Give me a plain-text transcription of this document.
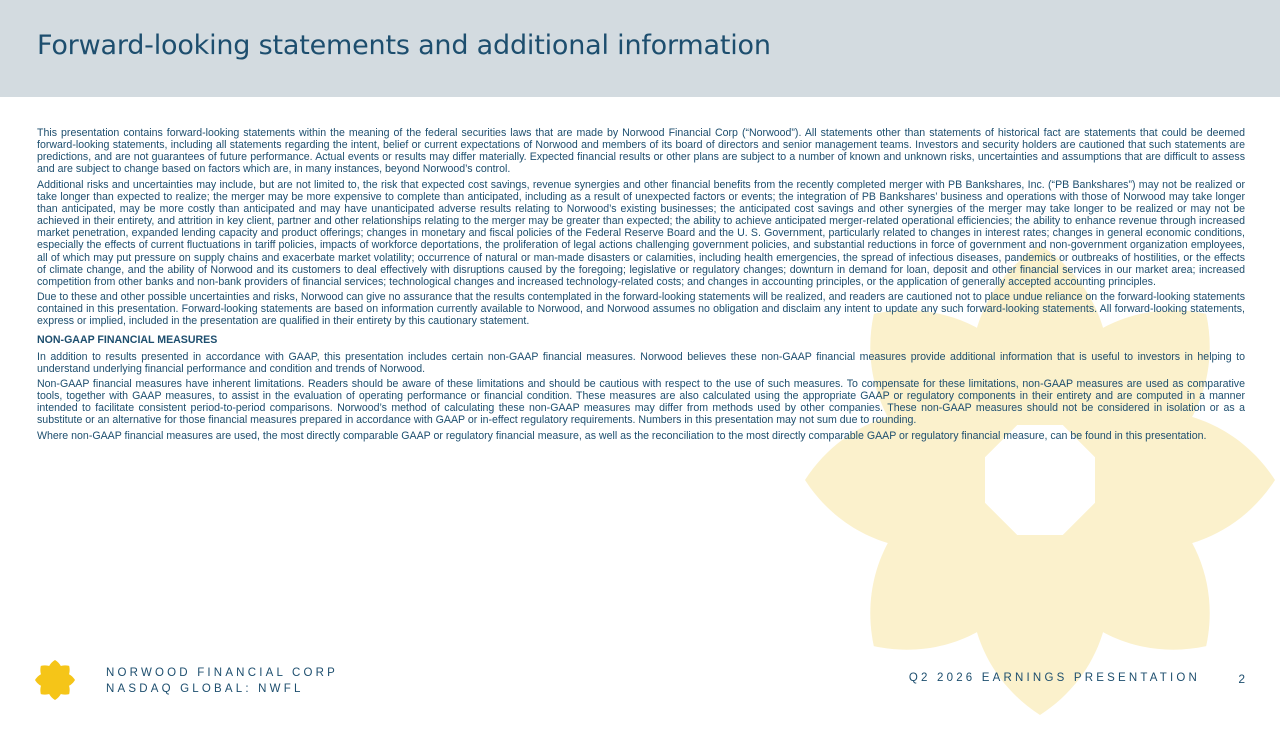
Forward-looking statements and additional information

This presentation contains forward-looking statements within the meaning of the federal securities laws that are made by Norwood Financial Corp (“Norwood”). All statements other than statements of historical fact are statements that could be deemed forward-looking statements, including all statements regarding the intent, belief or current expectations of Norwood and members of its board of directors and senior management teams. Investors and security holders are cautioned that such statements are predictions, and are not guarantees of future performance. Actual events or results may differ materially. Expected financial results or other plans are subject to a number of known and unknown risks, uncertainties and assumptions that are difficult to assess and are subject to change based on factors which are, in many instances, beyond Norwood’s control.

Additional risks and uncertainties may include, but are not limited to, the risk that expected cost savings, revenue synergies and other financial benefits from the recently completed merger with PB Bankshares, Inc. (“PB Bankshares”) may not be realized or take longer than expected to realize; the merger may be more expensive to complete than anticipated, including as a result of unexpected factors or events; the integration of PB Bankshares’ business and operations with those of Norwood may take longer than anticipated, may be more costly than anticipated and may have unanticipated adverse results relating to Norwood’s existing businesses; the anticipated cost savings and other synergies of the merger may take longer to be realized or may not be achieved in their entirety, and attrition in key client, partner and other relationships relating to the merger may be greater than expected; the ability to achieve anticipated merger-related operational efficiencies; the ability to enhance revenue through increased market penetration, expanded lending capacity and product offerings; changes in monetary and fiscal policies of the Federal Reserve Board and the U. S. Government, particularly related to changes in interest rates; changes in general economic conditions, especially the effects of current fluctuations in tariff policies, impacts of workforce deportations, the proliferation of legal actions challenging government policies, and substantial reductions in force of government and non-government organization employees, all of which may put pressure on supply chains and exacerbate market volatility; occurrence of natural or man-made disasters or calamities, including health emergencies, the spread of infectious diseases, pandemics or outbreaks of hostilities, or the effects of climate change, and the ability of Norwood and its customers to deal effectively with disruptions caused by the foregoing; legislative or regulatory changes; downturn in demand for loan, deposit and other financial services in our market area; increased competition from other banks and non-bank providers of financial services; technological changes and increased technology-related costs; and changes in accounting principles, or the application of generally accepted accounting principles.

Due to these and other possible uncertainties and risks, Norwood can give no assurance that the results contemplated in the forward-looking statements will be realized, and readers are cautioned not to place undue reliance on the forward-looking statements contained in this presentation. Forward-looking statements are based on information currently available to Norwood, and Norwood assumes no obligation and disclaim any intent to update any such forward-looking statements. All forward-looking statements, express or implied, included in the presentation are qualified in their entirety by this cautionary statement.

NON-GAAP FINANCIAL MEASURES

In addition to results presented in accordance with GAAP, this presentation includes certain non-GAAP financial measures. Norwood believes these non-GAAP financial measures provide additional information that is useful to investors in helping to understand underlying financial performance and condition and trends of Norwood.

Non-GAAP financial measures have inherent limitations. Readers should be aware of these limitations and should be cautious with respect to the use of such measures. To compensate for these limitations, non-GAAP measures are used as comparative tools, together with GAAP measures, to assist in the evaluation of operating performance or financial condition. These measures are also calculated using the appropriate GAAP or regulatory components in their entirety and are computed in a manner intended to facilitate consistent period-to-period comparisons. Norwood’s method of calculating these non-GAAP measures may differ from methods used by other companies. These non-GAAP measures should not be considered in isolation or as a substitute or an alternative for those financial measures prepared in accordance with GAAP or in-effect regulatory requirements. Numbers in this presentation may not sum due to rounding.

Where non-GAAP financial measures are used, the most directly comparable GAAP or regulatory financial measure, as well as the reconciliation to the most directly comparable GAAP or regulatory financial measure, can be found in this presentation.

NORWOOD FINANCIAL CORP
NASDAQ GLOBAL: NWFL
Q2 2026 EARNINGS PRESENTATION	2
